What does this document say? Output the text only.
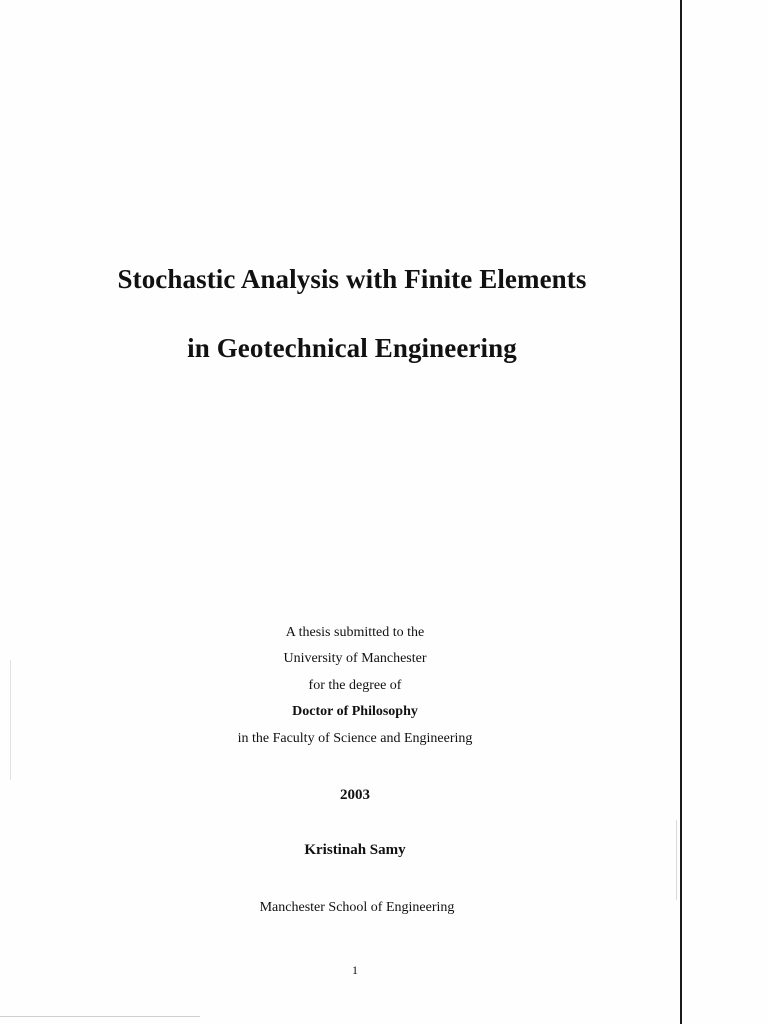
Stochastic Analysis with Finite Elements
in Geotechnical Engineering
A thesis submitted to the
University of Manchester
for the degree of
Doctor of Philosophy
in the Faculty of Science and Engineering
2003
Kristinah Samy
Manchester School of Engineering
1
